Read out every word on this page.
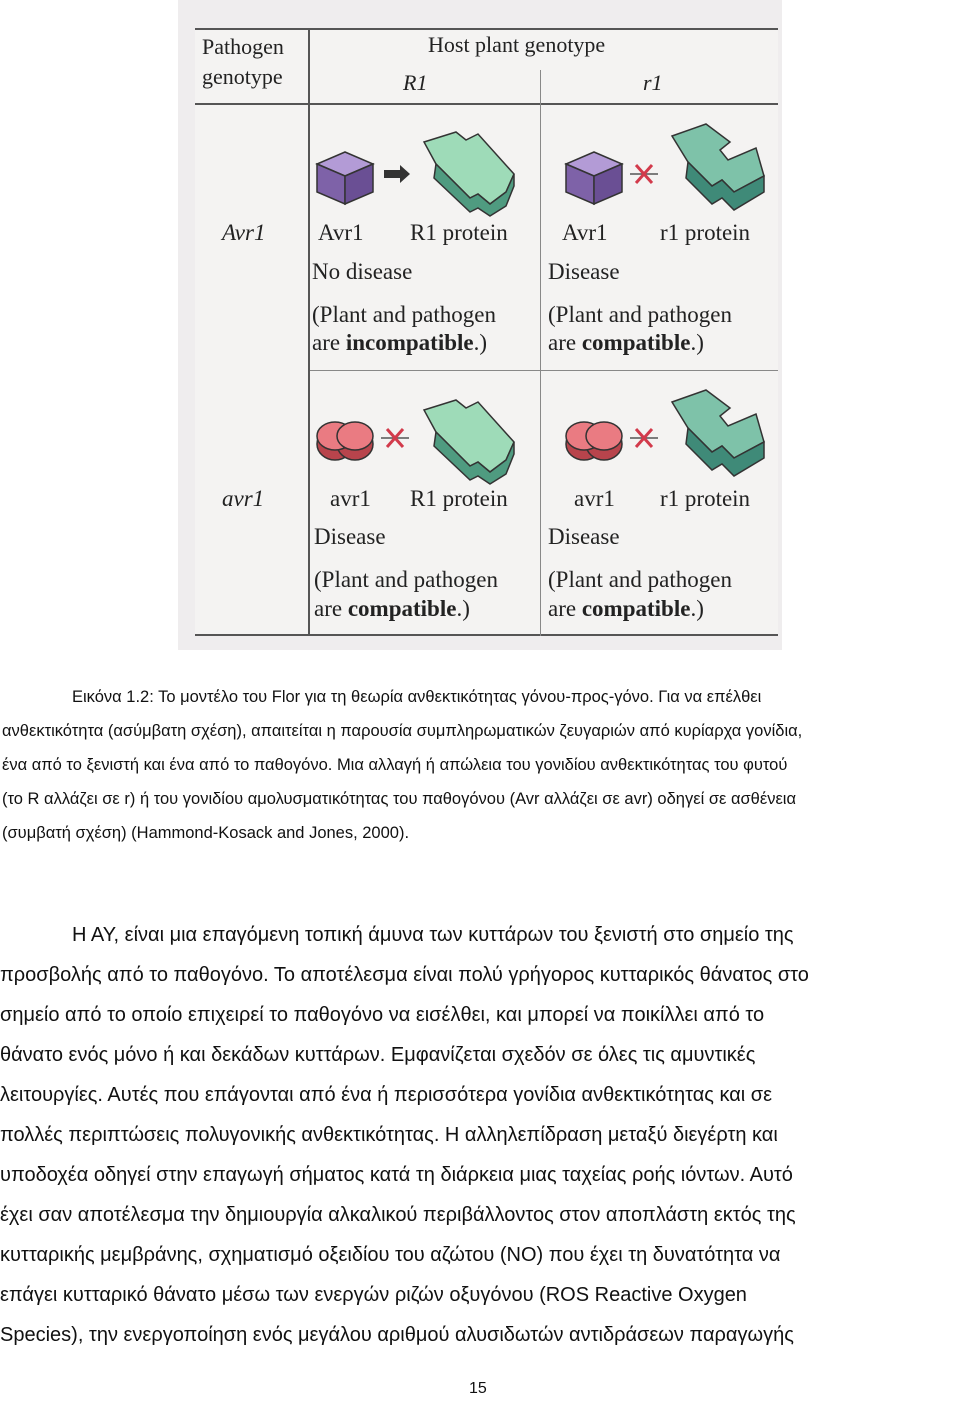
Pathogen
genotype
Host plant genotype
R1	r1
Avr1
avr1
Avr1 R1 protein
No disease
(Plant and pathogen
are incompatible.)
Avr1 r1 protein
Disease
(Plant and pathogen
are compatible.)
avr1 R1 protein
Disease
(Plant and pathogen
are compatible.)
avr1 r1 protein
Disease
(Plant and pathogen
are compatible.)
Εικόνα 1.2: Το μοντέλο του Flor για τη θεωρία ανθεκτικότητας γόνου-προς-γόνο. Για να επέλθει
ανθεκτικότητα (ασύμβατη σχέση), απαιτείται η παρουσία συμπληρωματικών ζευγαριών από κυρίαρχα γονίδια,
ένα από το ξενιστή και ένα από το παθογόνο. Μια αλλαγή ή απώλεια του γονιδίου ανθεκτικότητας του φυτού
(το R αλλάζει σε r) ή του γονιδίου αμολυσματικότητας του παθογόνου (Avr αλλάζει σε avr) οδηγεί σε ασθένεια
(συμβατή σχέση) (Hammond-Kosack and Jones, 2000).
Η ΑΥ, είναι μια επαγόμενη τοπική άμυνα των κυττάρων του ξενιστή στο σημείο της
προσβολής από το παθογόνο. Το αποτέλεσμα είναι πολύ γρήγορος κυτταρικός θάνατος στο
σημείο από το οποίο επιχειρεί το παθογόνο να εισέλθει, και μπορεί να ποικίλλει από το
θάνατο ενός μόνο ή και δεκάδων κυττάρων. Εμφανίζεται σχεδόν σε όλες τις αμυντικές
λειτουργίες. Αυτές που επάγονται από ένα ή περισσότερα γονίδια ανθεκτικότητας και σε
πολλές περιπτώσεις πολυγονικής ανθεκτικότητας. Η αλληλεπίδραση μεταξύ διεγέρτη και
υποδοχέα οδηγεί στην επαγωγή σήματος κατά τη διάρκεια μιας ταχείας ροής ιόντων. Αυτό
έχει σαν αποτέλεσμα την δημιουργία αλκαλικού περιβάλλοντος στον αποπλάστη εκτός της
κυτταρικής μεμβράνης, σχηματισμό οξειδίου του αζώτου (ΝΟ) που έχει τη δυνατότητα να
επάγει κυτταρικό θάνατο μέσω των ενεργών ριζών οξυγόνου (ROS Reactive Oxygen
Species), την ενεργοποίηση ενός μεγάλου αριθμού αλυσιδωτών αντιδράσεων παραγωγής
15
